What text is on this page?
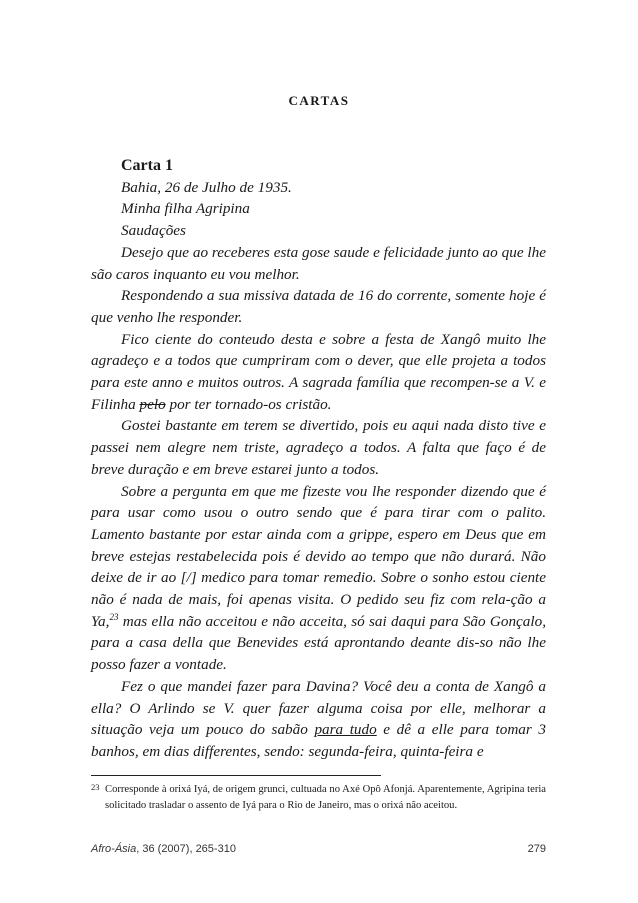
CARTAS

Carta 1

Bahia, 26 de Julho de 1935.

Minha filha Agripina

Saudações

Desejo que ao receberes esta gose saude e felicidade junto ao que lhe são caros inquanto eu vou melhor.

Respondendo a sua missiva datada de 16 do corrente, somente hoje é que venho lhe responder.

Fico ciente do conteudo desta e sobre a festa de Xangô muito lhe agradeço e a todos que cumpriram com o dever, que elle projeta a todos para este anno e muitos outros. A sagrada família que recompen-se a V. e Filinha pelo por ter tornado-os cristão.

Gostei bastante em terem se divertido, pois eu aqui nada disto tive e passei nem alegre nem triste, agradeço a todos. A falta que faço é de breve duração e em breve estarei junto a todos.

Sobre a pergunta em que me fizeste vou lhe responder dizendo que é para usar como usou o outro sendo que é para tirar com o palito. Lamento bastante por estar ainda com a grippe, espero em Deus que em breve estejas restabelecida pois é devido ao tempo que não durará. Não deixe de ir ao [/] medico para tomar remedio. Sobre o sonho estou ciente não é nada de mais, foi apenas visita. O pedido seu fiz com rela-ção a Ya,$^{23}$ mas ella não acceitou e não acceita, só sai daqui para São Gonçalo, para a casa della que Benevides está aprontando deante dis-so não lhe posso fazer a vontade.

Fez o que mandei fazer para Davina? Você deu a conta de Xangô a ella? O Arlindo se V. quer fazer alguma coisa por elle, melhorar a situação veja um pouco do sabão para tudo e dê a elle para tomar 3 banhos, em dias differentes, sendo: segunda-feira, quinta-feira e

23 Corresponde à orixá Iyá, de origem grunci, cultuada no Axé Opô Afonjá. Aparentemente, Agripina teria solicitado trasladar o assento de Iyá para o Rio de Janeiro, mas o orixá não aceitou.

Afro-Ásia, 36 (2007), 265-310	279
